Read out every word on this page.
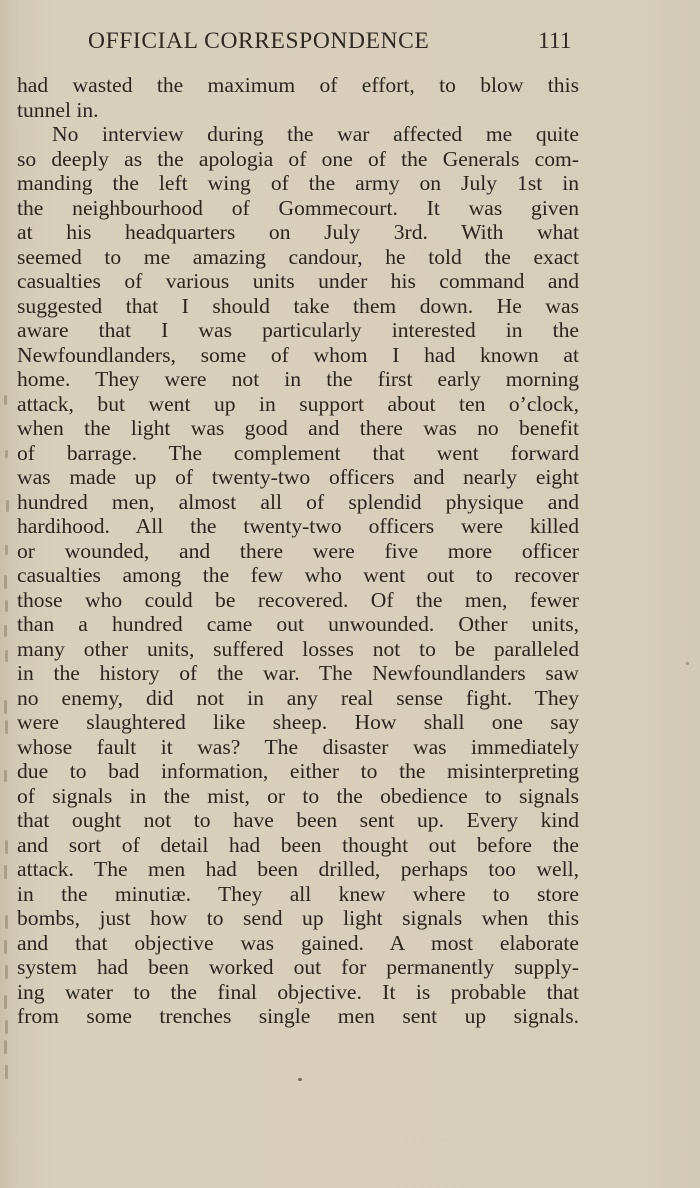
OFFICIAL CORRESPONDENCE	111
had wasted the maximum of effort, to blow this
tunnel in.
No interview during the war affected me quite
so deeply as the apologia of one of the Generals com-
manding the left wing of the army on July 1st in
the neighbourhood of Gommecourt. It was given
at his headquarters on July 3rd. With what
seemed to me amazing candour, he told the exact
casualties of various units under his command and
suggested that I should take them down. He was
aware that I was particularly interested in the
Newfoundlanders, some of whom I had known at
home. They were not in the first early morning
attack, but went up in support about ten o’clock,
when the light was good and there was no benefit
of barrage. The complement that went forward
was made up of twenty-two officers and nearly eight
hundred men, almost all of splendid physique and
hardihood. All the twenty-two officers were killed
or wounded, and there were five more officer
casualties among the few who went out to recover
those who could be recovered. Of the men, fewer
than a hundred came out unwounded. Other units,
many other units, suffered losses not to be paralleled
in the history of the war. The Newfoundlanders saw
no enemy, did not in any real sense fight. They
were slaughtered like sheep. How shall one say
whose fault it was? The disaster was immediately
due to bad information, either to the misinterpreting
of signals in the mist, or to the obedience to signals
that ought not to have been sent up. Every kind
and sort of detail had been thought out before the
attack. The men had been drilled, perhaps too well,
in the minutiæ. They all knew where to store
bombs, just how to send up light signals when this
and that objective was gained. A most elaborate
system had been worked out for permanently supply-
ing water to the final objective. It is probable that
from some trenches single men sent up signals.
